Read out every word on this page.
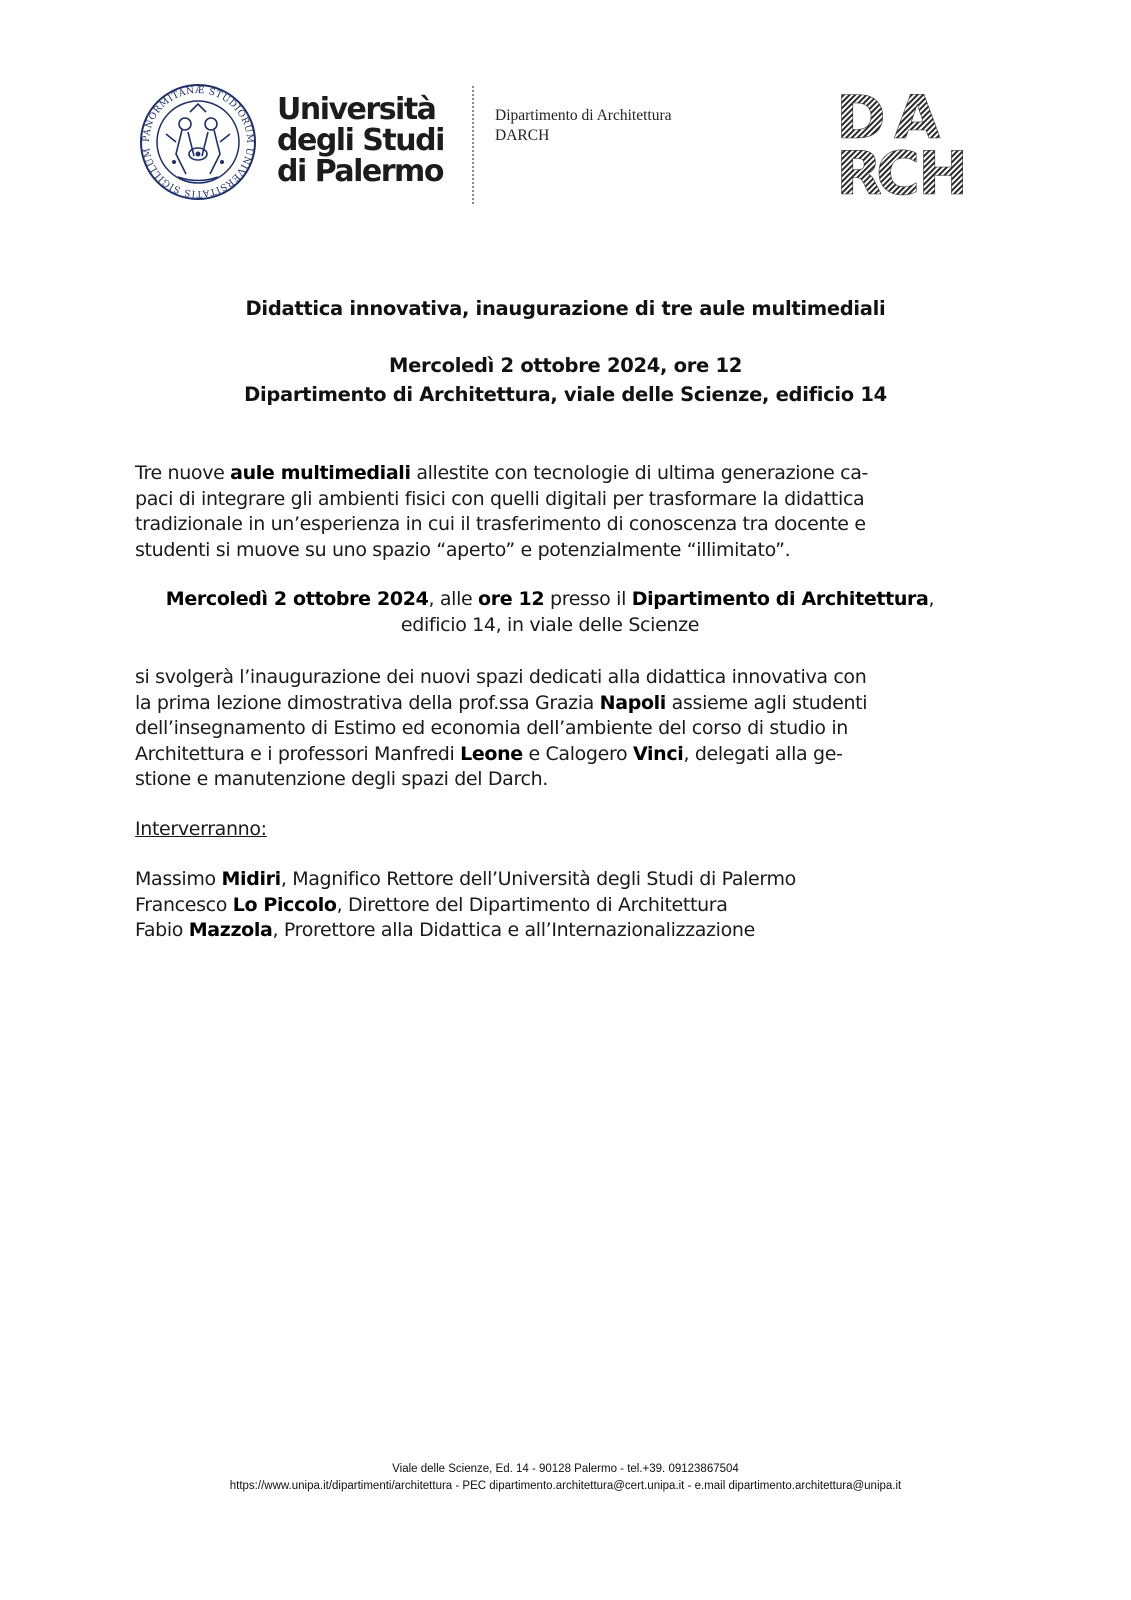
PANORMITANÆ STUDIORUM UNIVERSITATIS SIGILLUM
Università
degli Studi
di Palermo
Dipartimento di Architettura
DARCH	D A
R
C
H
Didattica innovativa, inaugurazione di tre aule multimediali
Mercoledì 2 ottobre 2024, ore 12
Dipartimento di Architettura, viale delle Scienze, edificio 14
Tre nuove aule multimediali allestite con tecnologie di ultima generazione ca-
paci di integrare gli ambienti fisici con quelli digitali per trasformare la didattica
tradizionale in un’esperienza in cui il trasferimento di conoscenza tra docente e
studenti si muove su uno spazio “aperto” e potenzialmente “illimitato”.
Mercoledì 2 ottobre 2024, alle ore 12 presso il Dipartimento di Architettura,
edificio 14, in viale delle Scienze
si svolgerà l’inaugurazione dei nuovi spazi dedicati alla didattica innovativa con
la prima lezione dimostrativa della prof.ssa Grazia Napoli assieme agli studenti
dell’insegnamento di Estimo ed economia dell’ambiente del corso di studio in
Architettura e i professori Manfredi Leone e Calogero Vinci, delegati alla ge-
stione e manutenzione degli spazi del Darch.
Interverranno:
Massimo Midiri, Magnifico Rettore dell’Università degli Studi di Palermo
Francesco Lo Piccolo, Direttore del Dipartimento di Architettura
Fabio Mazzola, Prorettore alla Didattica e all’Internazionalizzazione
Viale delle Scienze, Ed. 14 - 90128 Palermo - tel.+39. 09123867504
https://www.unipa.it/dipartimenti/architettura - PEC dipartimento.architettura@cert.unipa.it - e.mail dipartimento.architettura@unipa.it
